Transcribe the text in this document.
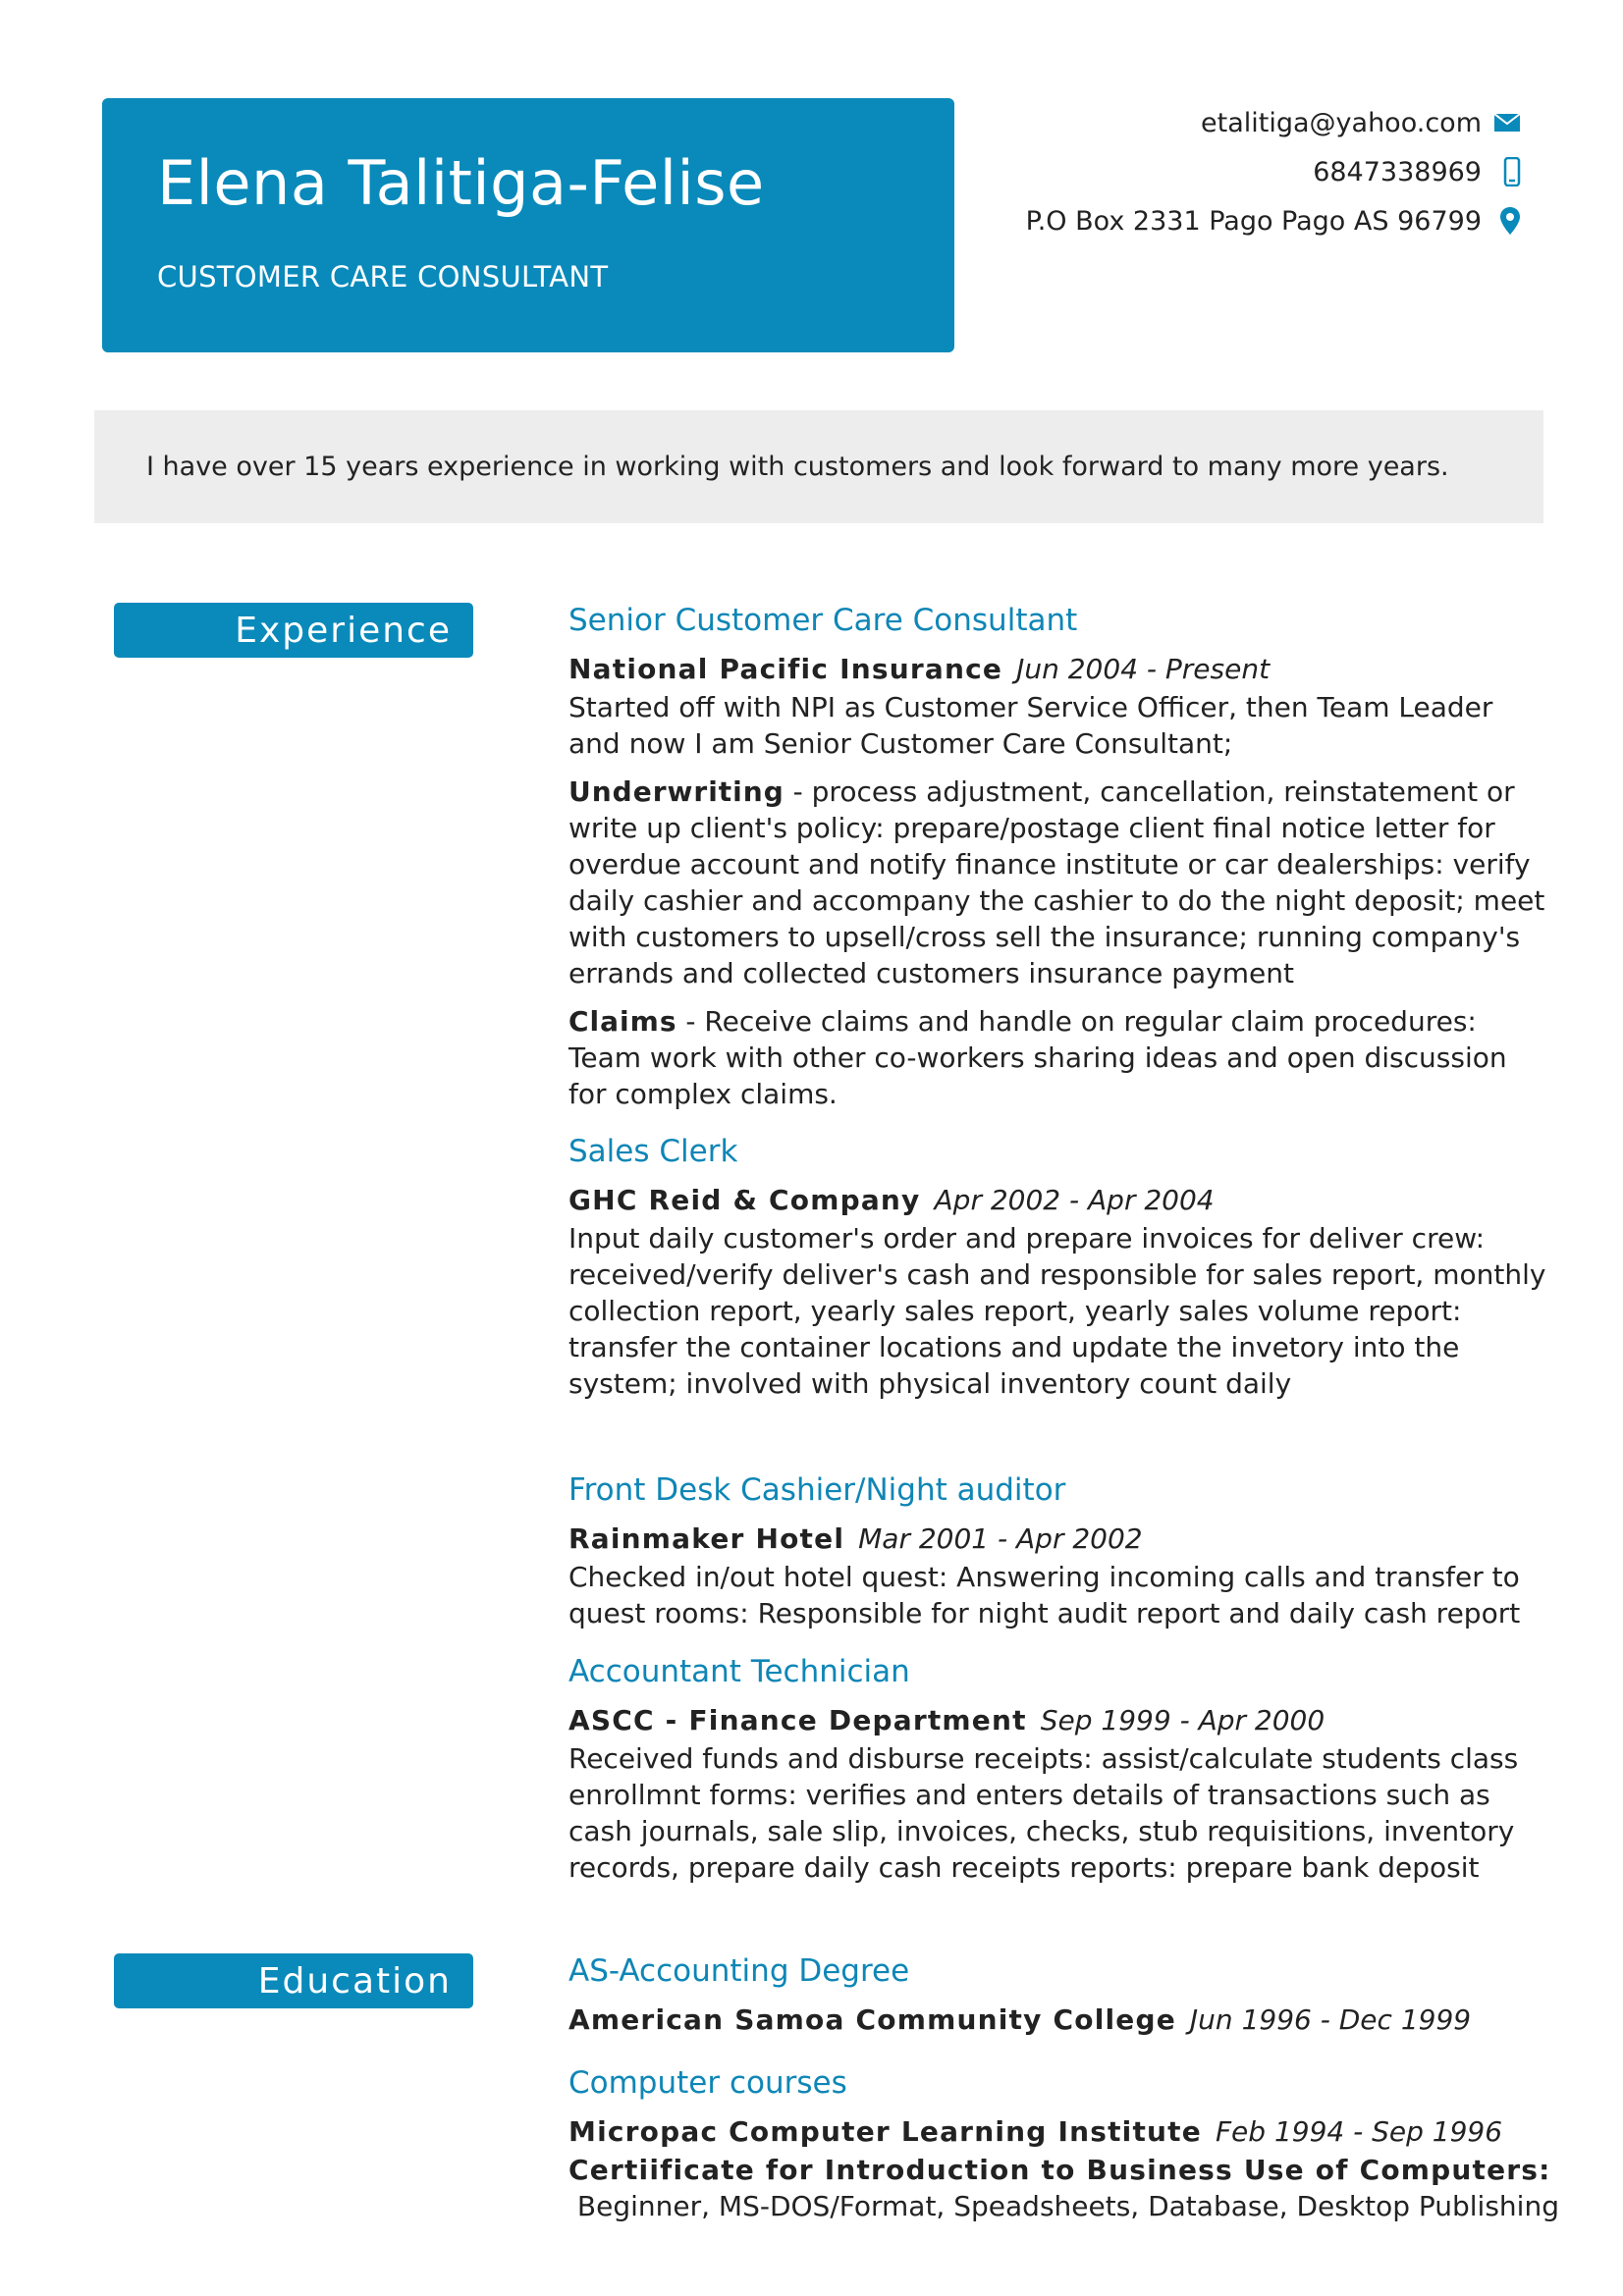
Elena Talitiga-Felise
CUSTOMER CARE CONSULTANT
etalitiga@yahoo.com
6847338969
P.O Box 2331 Pago Pago AS 96799
I have over 15 years experience in working with customers and look forward to many more years.
Experience	Senior Customer Care Consultant

National Pacific Insurance Jun 2004 - Present

Started off with NPI as Customer Service Officer, then Team Leader and now I am Senior Customer Care Consultant;

Underwriting - process adjustment, cancellation, reinstatement or write up client's policy: prepare/postage client final notice letter for overdue account and notify finance institute or car dealerships: verify daily cashier and accompany the cashier to do the night deposit; meet with customers to upsell/cross sell the insurance; running company's errands and collected customers insurance payment

Claims - Receive claims and handle on regular claim procedures: Team work with other co-workers sharing ideas and open discussion for complex claims.

Sales Clerk

GHC Reid & Company Apr 2002 - Apr 2004

Input daily customer's order and prepare invoices for deliver crew: received/verify deliver's cash and responsible for sales report, monthly collection report, yearly sales report, yearly sales volume report: transfer the container locations and update the invetory into the system; involved with physical inventory count daily

Front Desk Cashier/Night auditor

Rainmaker Hotel Mar 2001 - Apr 2002

Checked in/out hotel quest: Answering incoming calls and transfer to quest rooms: Responsible for night audit report and daily cash report

Accountant Technician

ASCC - Finance Department Sep 1999 - Apr 2000

Received funds and disburse receipts: assist/calculate students class enrollmnt forms: verifies and enters details of transactions such as cash journals, sale slip, invoices, checks, stub requisitions, inventory records, prepare daily cash receipts reports: prepare bank deposit

Education	AS-Accounting Degree

American Samoa Community College Jun 1996 - Dec 1999

Computer courses

Micropac Computer Learning Institute Feb 1994 - Sep 1996
Certiificate for Introduction to Business Use of Computers:
Beginner, MS-DOS/Format, Speadsheets, Database, Desktop Publishing
